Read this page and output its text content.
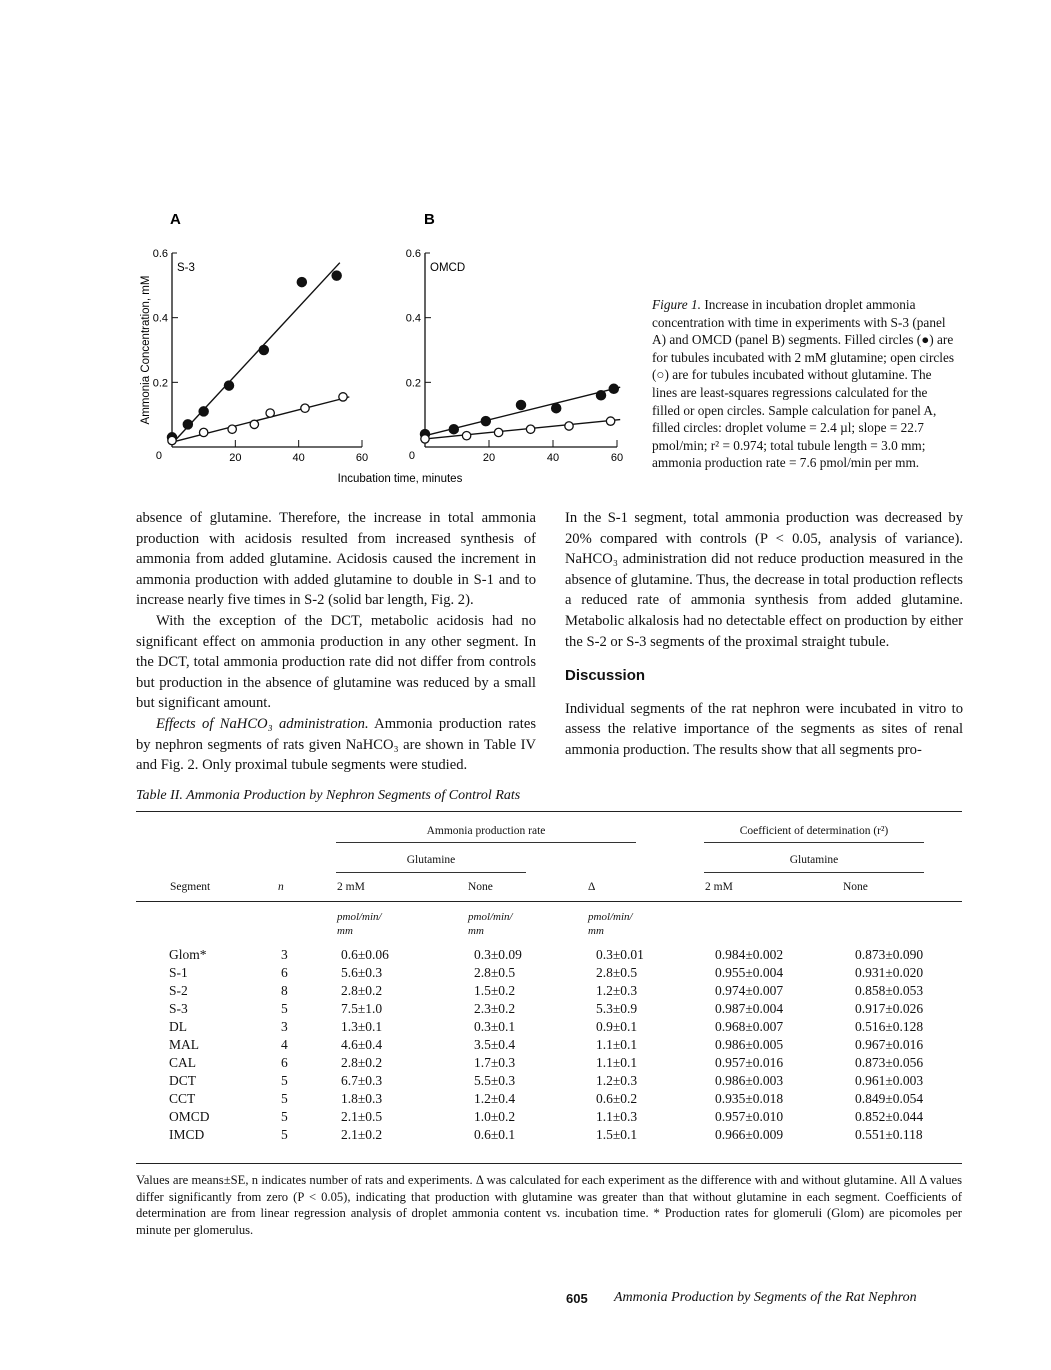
A	B
Ammonia Concentration, mM
Incubation time, minutes
0
0.2
0.4
0.6
20	40	60
S-3
0
0.2
0.4
0.6
20	40	60
OMCD
Figure 1. Increase in incubation droplet ammonia concentration with time in experiments with S-3 (panel A) and OMCD (panel B) segments. Filled circles (●) are for tubules incubated with 2 mM glutamine; open circles (○) are for tubules incubated without glutamine. The lines are least-squares regressions calculated for the filled or open circles. Sample calculation for panel A, filled circles: droplet volume = 2.4 µl; slope = 22.7 pmol/min; r² = 0.974; total tubule length = 3.0 mm; ammonia production rate = 7.6 pmol/min per mm.

absence of glutamine. Therefore, the increase in total ammonia production with acidosis resulted from increased synthesis of ammonia from added glutamine. Acidosis caused the increment in ammonia production with added glutamine to double in S-1 and to increase nearly five times in S-2 (solid bar length, Fig. 2).

With the exception of the DCT, metabolic acidosis had no significant effect on ammonia production in any other segment. In the DCT, total ammonia production rate did not differ from controls but production in the absence of glutamine was reduced by a small but significant amount.

Effects of NaHCO₃ administration. Ammonia production rates by nephron segments of rats given NaHCO₃ are shown in Table IV and Fig. 2. Only proximal tubule segments were studied.

In the S-1 segment, total ammonia production was decreased by 20% compared with controls (P < 0.05, analysis of variance). NaHCO₃ administration did not reduce production measured in the absence of glutamine. Thus, the decrease in total production reflects a reduced rate of ammonia synthesis from added glutamine. Metabolic alkalosis had no detectable effect on production by either the S-2 or S-3 segments of the proximal straight tubule.

Discussion

Individual segments of the rat nephron were incubated in vitro to assess the relative importance of the segments as sites of renal ammonia production. The results show that all segments pro-

Table II. Ammonia Production by Nephron Segments of Control Rats
Ammonia production rate	Coefficient of determination (r²)
Glutamine	Glutamine
Segment	n	2 mM	None	Δ	2 mM	None
pmol/min/ mm
pmol/min/ mm
pmol/min/ mm
Glom*	3	0.6±0.06	0.3±0.09	0.3±0.01	0.984±0.002	0.873±0.090
S-1	6	5.6±0.3	2.8±0.5	2.8±0.5	0.955±0.004	0.931±0.020
S-2	8	2.8±0.2	1.5±0.2	1.2±0.3	0.974±0.007	0.858±0.053
S-3	5	7.5±1.0	2.3±0.2	5.3±0.9	0.987±0.004	0.917±0.026
DL	3	1.3±0.1	0.3±0.1	0.9±0.1	0.968±0.007	0.516±0.128
MAL	4	4.6±0.4	3.5±0.4	1.1±0.1	0.986±0.005	0.967±0.016
CAL	6	2.8±0.2	1.7±0.3	1.1±0.1	0.957±0.016	0.873±0.056
DCT	5	6.7±0.3	5.5±0.3	1.2±0.3	0.986±0.003	0.961±0.003
CCT	5	1.8±0.3	1.2±0.4	0.6±0.2	0.935±0.018	0.849±0.054
OMCD	5	2.1±0.5	1.0±0.2	1.1±0.3	0.957±0.010	0.852±0.044
IMCD	5	2.1±0.2	0.6±0.1	1.5±0.1	0.966±0.009	0.551±0.118
Values are means±SE, n indicates number of rats and experiments. Δ was calculated for each experiment as the difference with and without glutamine. All Δ values differ significantly from zero (P < 0.05), indicating that production with glutamine was greater than that without glutamine in each segment. Coefficients of determination are from linear regression analysis of droplet ammonia content vs. incubation time. * Production rates for glomeruli (Glom) are picomoles per minute per glomerulus.
605 Ammonia Production by Segments of the Rat Nephron
